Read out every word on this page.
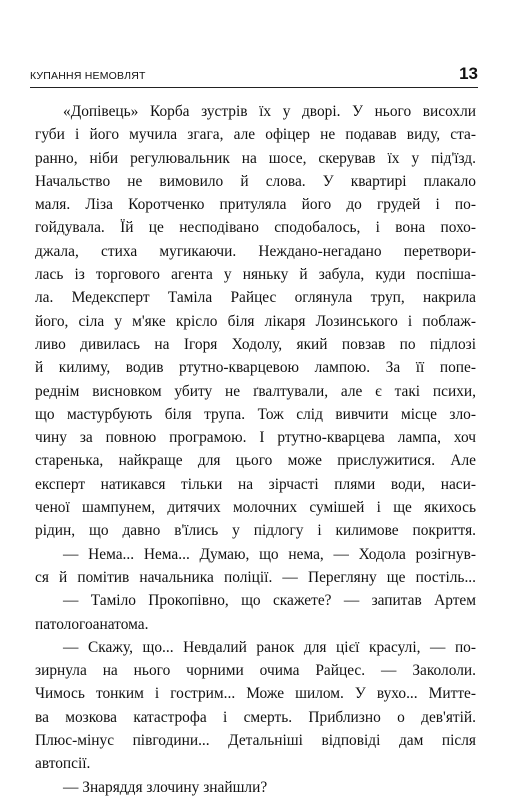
КУПАННЯ НЕМОВЛЯТ	13
«Допівець» Корба зустрів їх у дворі. У нього висохли
губи і його мучила згага, але офіцер не подавав виду, ста-
ранно, ніби регулювальник на шосе, скерував їх у під'їзд.
Начальство не вимовило й слова. У квартирі плакало
маля. Ліза Коротченко притуляла його до грудей і по-
гойдувала. Їй це несподівано сподобалось, і вона похо-
джала, стиха мугикаючи. Нежданo-негадано перетвори-
лась із торгового агента у няньку й забула, куди поспіша-
ла. Медексперт Таміла Райцес оглянула труп, накрила
його, сіла у м'яке крісло біля лікаря Лозинського і поблаж-
ливо дивилась на Ігоря Ходолу, який повзав по підлозі
й килиму, водив ртутно-кварцевою лампою. За її попе-
реднім висновком убиту не ґвалтували, але є такі психи,
що мастурбують біля трупа. Тож слід вивчити місце зло-
чину за повною програмою. І ртутно-кварцева лампа, хоч
старенька, найкраще для цього може прислужитися. Але
експерт натикався тільки на зірчасті плями води, наси-
ченої шампунем, дитячих молочних сумішей і ще якихось
рідин, що давно в'їлись у підлогу і килимове покриття.
— Нема... Нема... Думаю, що нема, — Ходола розігнув-
ся й помітив начальника поліції. — Перегляну ще постіль...
— Таміло Прокопівно, що скажете? — запитав Артем
патологоанатома.
— Скажу, що... Невдалий ранок для цієї красулі, — по-
зирнула на нього чорними очима Райцес. — Закололи.
Чимось тонким і гострим... Може шилом. У вухо... Митте-
ва мозкова катастрофа і смерть. Приблизно о дев'ятій.
Плюс-мінус півгодини... Детальніші відповіді дам після
автопсії.
— Знаряддя злочину знайшли?
